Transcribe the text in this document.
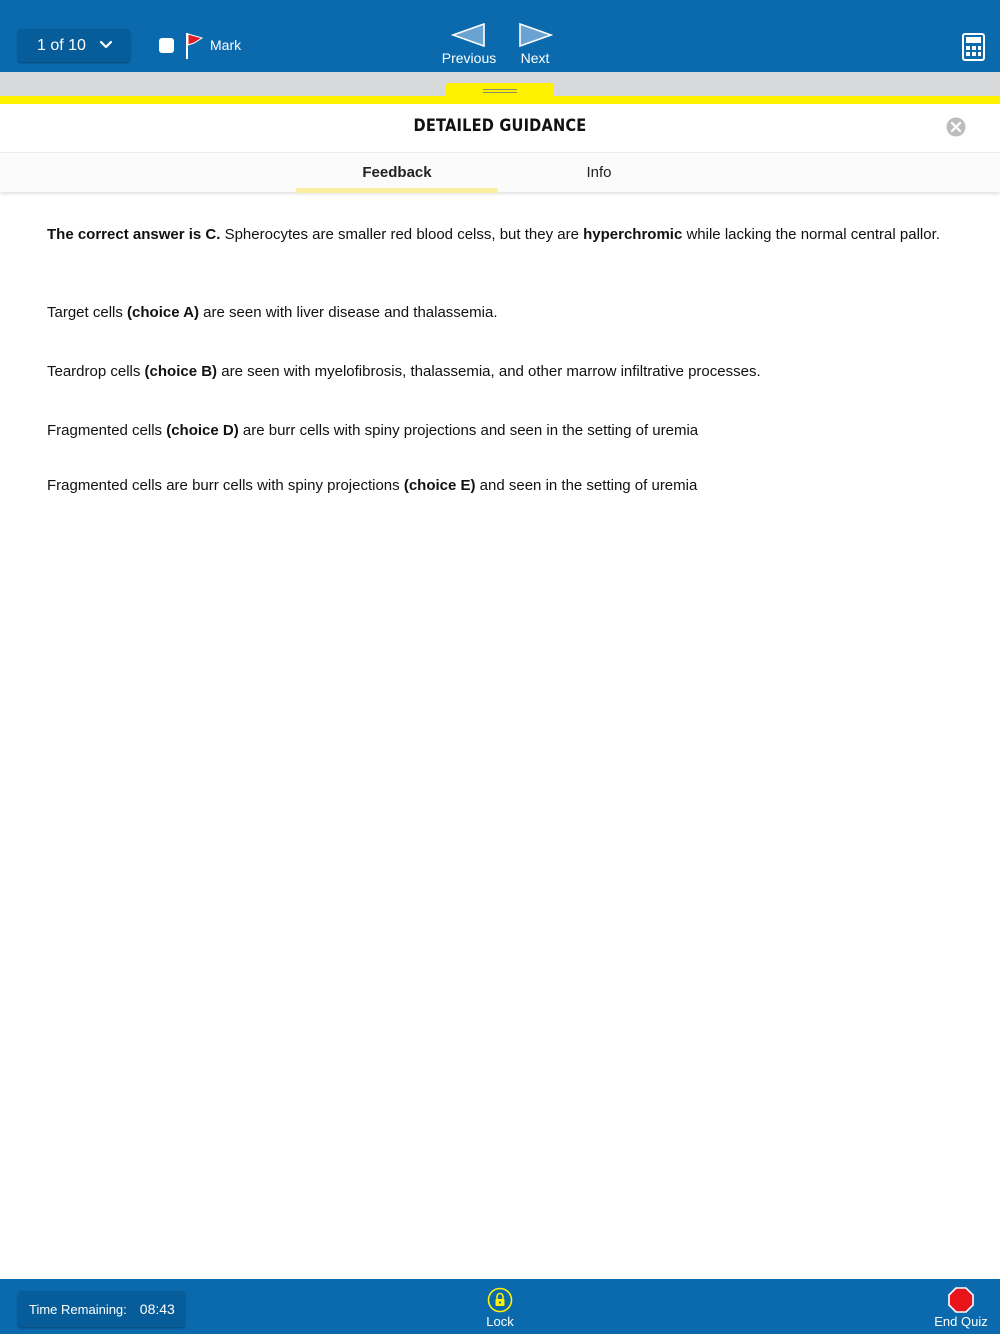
1 of 10	Mark
Previous	Next
DETAILED GUIDANCE
Feedback	Info

The correct answer is C. Spherocytes are smaller red blood celss, but they are hyperchromic while lacking the normal central pallor.

Target cells (choice A) are seen with liver disease and thalassemia.

Teardrop cells (choice B) are seen with myelofibrosis, thalassemia, and other marrow infiltrative processes.

Fragmented cells (choice D) are burr cells with spiny projections and seen in the setting of uremia

Fragmented cells are burr cells with spiny projections (choice E) and seen in the setting of uremia

Time Remaining: 08:43
Lock	End Quiz
